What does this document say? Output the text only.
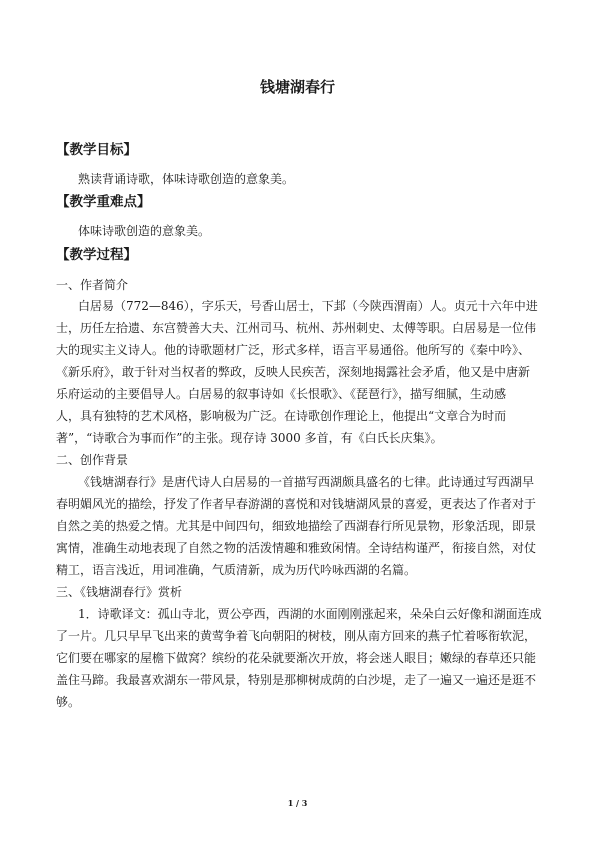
钱塘湖春行
【教学目标】
熟读背诵诗歌，体味诗歌创造的意象美。
【教学重难点】
体味诗歌创造的意象美。
【教学过程】
一、作者简介
白居易（772—846），字乐天，号香山居士，下邽（今陕西渭南）人。贞元十六年中进
士，历任左拾遗、东宫赞善大夫、江州司马、杭州、苏州刺史、太傅等职。白居易是一位伟
大的现实主义诗人。他的诗歌题材广泛，形式多样，语言平易通俗。他所写的《秦中吟》、
《新乐府》，敢于针对当权者的弊政，反映人民疾苦，深刻地揭露社会矛盾，他又是中唐新
乐府运动的主要倡导人。白居易的叙事诗如《长恨歌》、《琵琶行》，描写细腻，生动感
人，具有独特的艺术风格，影响极为广泛。在诗歌创作理论上，他提出“文章合为时而
著”，“诗歌合为事而作”的主张。现存诗 3000 多首，有《白氏长庆集》。
二、创作背景
《钱塘湖春行》是唐代诗人白居易的一首描写西湖颇具盛名的七律。此诗通过写西湖早
春明媚风光的描绘，抒发了作者早春游湖的喜悦和对钱塘湖风景的喜爱，更表达了作者对于
自然之美的热爱之情。尤其是中间四句，细致地描绘了西湖春行所见景物，形象活现，即景
寓情，准确生动地表现了自然之物的活泼情趣和雅致闲情。全诗结构谨严，衔接自然，对仗
精工，语言浅近，用词准确，气质清新，成为历代吟咏西湖的名篇。
三、《钱塘湖春行》赏析
1．诗歌译文：孤山寺北，贾公亭西，西湖的水面刚刚涨起来，朵朵白云好像和湖面连成
了一片。几只早早飞出来的黄莺争着飞向朝阳的树枝，刚从南方回来的燕子忙着啄衔软泥，
它们要在哪家的屋檐下做窝？缤纷的花朵就要渐次开放，将会迷人眼目；嫩绿的春草还只能
盖住马蹄。我最喜欢湖东一带风景，特别是那柳树成荫的白沙堤，走了一遍又一遍还是逛不
够。
1 / 3
